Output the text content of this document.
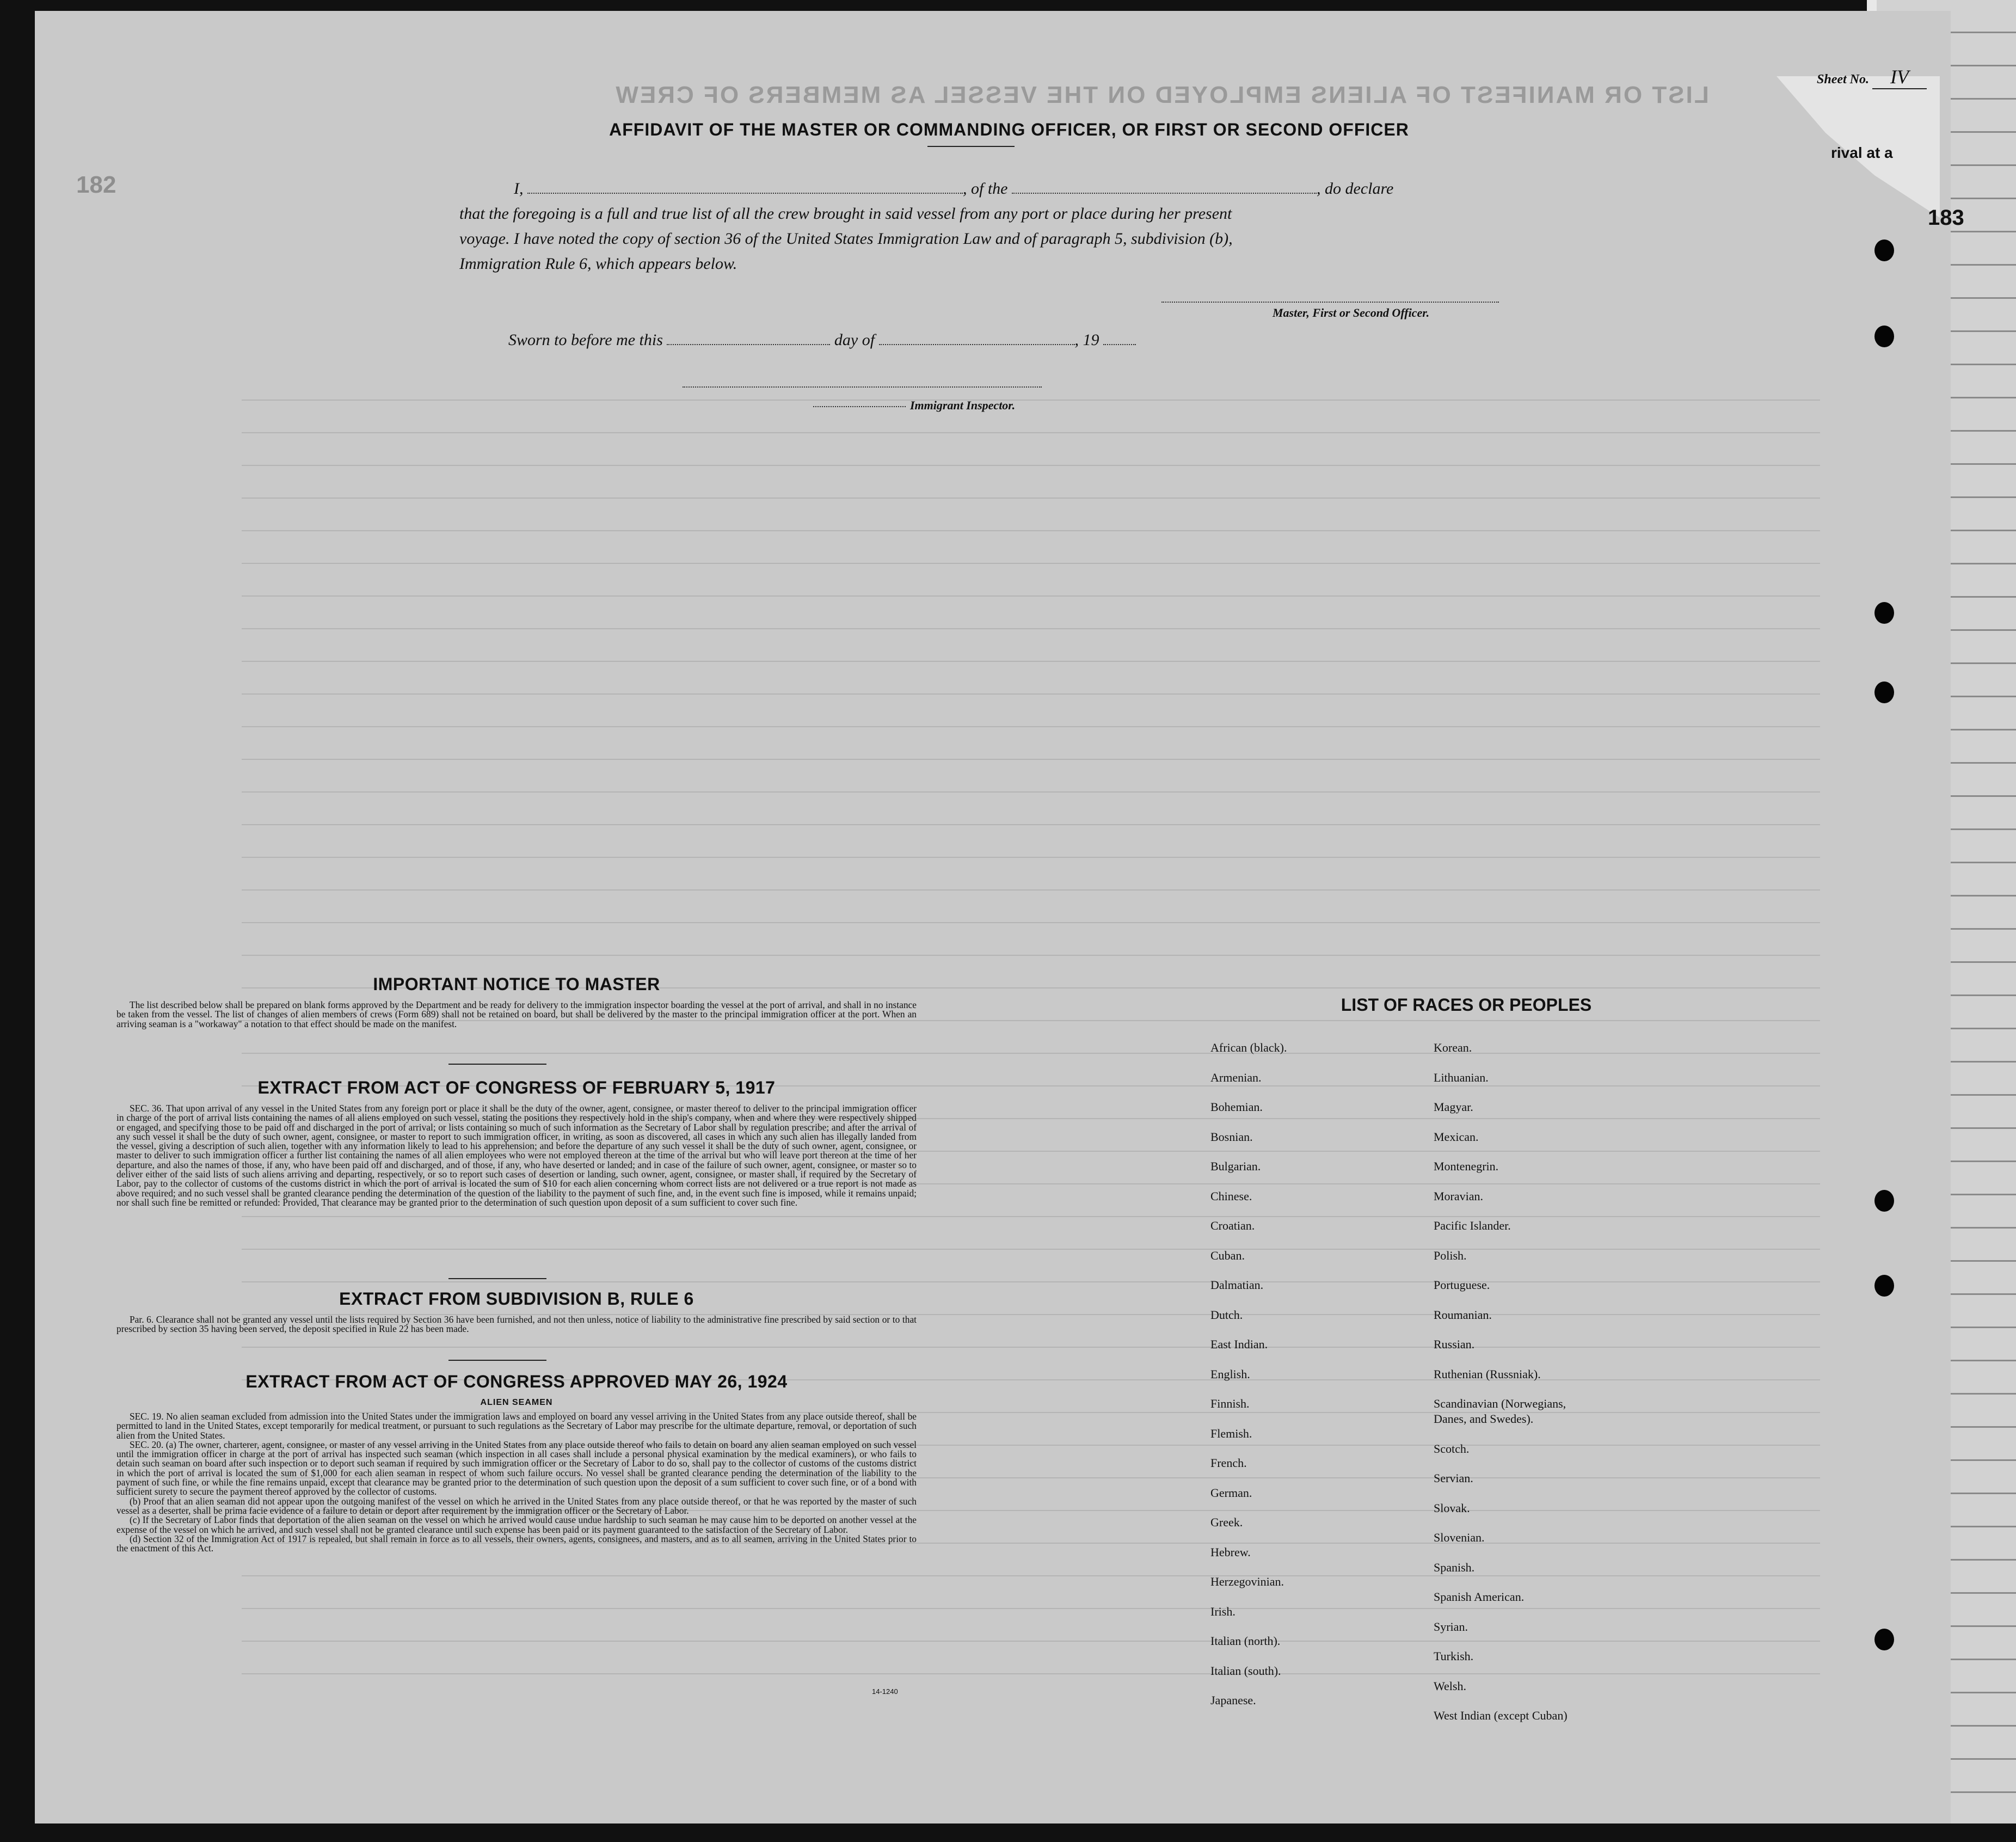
LIST OR MANIFEST OF ALIENS EMPLOYED ON THE VESSEL AS MEMBERS OF CREW
182
AFFIDAVIT OF THE MASTER OR COMMANDING OFFICER, OR FIRST OR SECOND OFFICER
I,	, of the	, do declare
that the foregoing is a full and true list of all the crew brought in said vessel from any port or place during her present
voyage. I have noted the copy of section 36 of the United States Immigration Law and of paragraph 5, subdivision (b),
Immigration Rule 6, which appears below.
Master, First or Second Officer.
Sworn to before me this	day of	, 19
Immigrant Inspector.
IMPORTANT NOTICE TO MASTER

The list described below shall be prepared on blank forms approved by the Department and be ready for delivery to the immigration inspector boarding the vessel at the port of arrival, and shall in no instance be taken from the vessel. The list of changes of alien members of crews (Form 689) shall not be retained on board, but shall be delivered by the master to the principal immigration officer at the port. When an arriving seaman is a "workaway" a notation to that effect should be made on the manifest.

EXTRACT FROM ACT OF CONGRESS OF FEBRUARY 5, 1917

SEC. 36. That upon arrival of any vessel in the United States from any foreign port or place it shall be the duty of the owner, agent, consignee, or master thereof to deliver to the principal immigration officer in charge of the port of arrival lists containing the names of all aliens employed on such vessel, stating the positions they respectively hold in the ship's company, when and where they were respectively shipped or engaged, and specifying those to be paid off and discharged in the port of arrival; or lists containing so much of such information as the Secretary of Labor shall by regulation prescribe; and after the arrival of any such vessel it shall be the duty of such owner, agent, consignee, or master to report to such immigration officer, in writing, as soon as discovered, all cases in which any such alien has illegally landed from the vessel, giving a description of such alien, together with any information likely to lead to his apprehension; and before the departure of any such vessel it shall be the duty of such owner, agent, consignee, or master to deliver to such immigration officer a further list containing the names of all alien employees who were not employed thereon at the time of the arrival but who will leave port thereon at the time of her departure, and also the names of those, if any, who have been paid off and discharged, and of those, if any, who have deserted or landed; and in case of the failure of such owner, agent, consignee, or master so to deliver either of the said lists of such aliens arriving and departing, respectively, or so to report such cases of desertion or landing, such owner, agent, consignee, or master shall, if required by the Secretary of Labor, pay to the collector of customs of the customs district in which the port of arrival is located the sum of $10 for each alien concerning whom correct lists are not delivered or a true report is not made as above required; and no such vessel shall be granted clearance pending the determination of the question of the liability to the payment of such fine, and, in the event such fine is imposed, while it remains unpaid; nor shall such fine be remitted or refunded: Provided, That clearance may be granted prior to the determination of such question upon deposit of a sum sufficient to cover such fine.

EXTRACT FROM SUBDIVISION B, RULE 6

Par. 6. Clearance shall not be granted any vessel until the lists required by Section 36 have been furnished, and not then unless, notice of liability to the administrative fine prescribed by said section or to that prescribed by section 35 having been served, the deposit specified in Rule 22 has been made.

EXTRACT FROM ACT OF CONGRESS APPROVED MAY 26, 1924
ALIEN SEAMEN

SEC. 19. No alien seaman excluded from admission into the United States under the immigration laws and employed on board any vessel arriving in the United States from any place outside thereof, shall be permitted to land in the United States, except temporarily for medical treatment, or pursuant to such regulations as the Secretary of Labor may prescribe for the ultimate departure, removal, or deportation of such alien from the United States.

SEC. 20. (a) The owner, charterer, agent, consignee, or master of any vessel arriving in the United States from any place outside thereof who fails to detain on board any alien seaman employed on such vessel until the immigration officer in charge at the port of arrival has inspected such seaman (which inspection in all cases shall include a personal physical examination by the medical examiners), or who fails to detain such seaman on board after such inspection or to deport such seaman if required by such immigration officer or the Secretary of Labor to do so, shall pay to the collector of customs of the customs district in which the port of arrival is located the sum of $1,000 for each alien seaman in respect of whom such failure occurs. No vessel shall be granted clearance pending the determination of the liability to the payment of such fine, or while the fine remains unpaid, except that clearance may be granted prior to the determination of such question upon the deposit of a sum sufficient to cover such fine, or of a bond with sufficient surety to secure the payment thereof approved by the collector of customs.

(b) Proof that an alien seaman did not appear upon the outgoing manifest of the vessel on which he arrived in the United States from any place outside thereof, or that he was reported by the master of such vessel as a deserter, shall be prima facie evidence of a failure to detain or deport after requirement by the immigration officer or the Secretary of Labor.

(c) If the Secretary of Labor finds that deportation of the alien seaman on the vessel on which he arrived would cause undue hardship to such seaman he may cause him to be deported on another vessel at the expense of the vessel on which he arrived, and such vessel shall not be granted clearance until such expense has been paid or its payment guaranteed to the satisfaction of the Secretary of Labor.

(d) Section 32 of the Immigration Act of 1917 is repealed, but shall remain in force as to all vessels, their owners, agents, consignees, and masters, and as to all seamen, arriving in the United States prior to the enactment of this Act.

14-1240
LIST OF RACES OR PEOPLES
African (black).
Armenian.
Bohemian.
Bosnian.
Bulgarian.
Chinese.
Croatian.
Cuban.
Dalmatian.
Dutch.
East Indian.
English.
Finnish.
Flemish.
French.
German.
Greek.
Hebrew.
Herzegovinian.
Irish.
Italian (north).
Italian (south).
Japanese.
Korean.
Lithuanian.
Magyar.
Mexican.
Montenegrin.
Moravian.
Pacific Islander.
Polish.
Portuguese.
Roumanian.
Russian.
Ruthenian (Russniak).
Scandinavian (Norwegians,
Danes, and Swedes).
Scotch.
Servian.
Slovak.
Slovenian.
Spanish.
Spanish American.
Syrian.
Turkish.
Welsh.
West Indian (except Cuban)
Sheet No. IV
rival at a
183
